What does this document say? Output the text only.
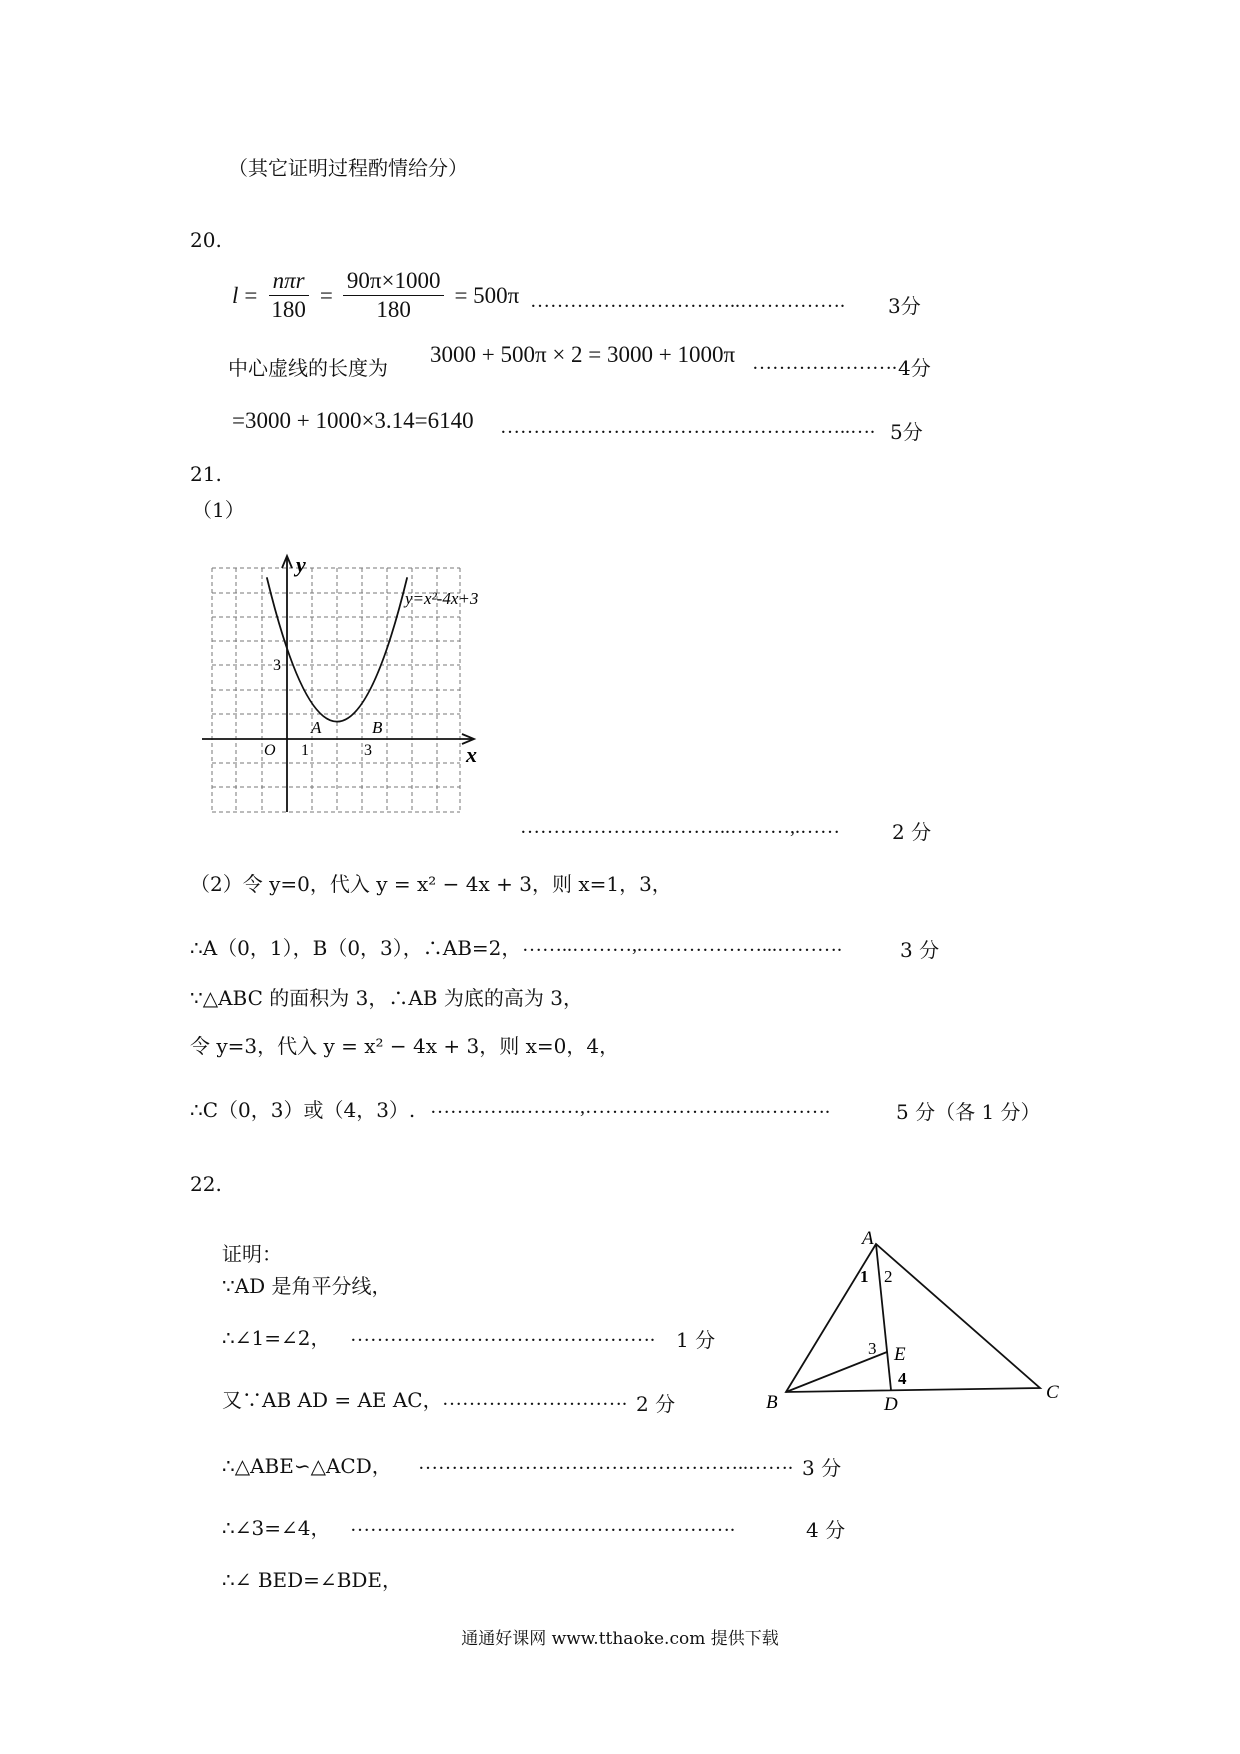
（其它证明过程酌情给分）
20.
$l = \frac{\text{nπr}}{180} = \frac{90\pi\times 1000}{180} = 500\pi$ …………………………..……………. 3分
中心虚线的长度为
3000 + 500π × 2 = 3000 + 1000π …………………. 4分
=3000 + 1000×3.14=6140 ……………………………………………..…. 5分
21.
（1）
y
x
y=x²-4x+3
O 1	3
3
A	B
…………………………..………,.……	2 分
（2）令 y=0，代入 y = x² − 4x + 3，则 x=1，3，
∴A（0，1），B（0，3），∴AB=2， ……..………,.………………...……….	3 分
∵△ABC 的面积为 3，∴AB 为底的高为 3，
令 y=3，代入 y = x² − 4x + 3，则 x=0，4，
∴C（0，3）或（4，3）. …………..………,…………………..…..……….	5 分（各 1 分）
22.
证明：
∵AD 是角平分线，
∴∠1=∠2， ………………………………………. 1 分
又∵AB AD = AE AC， ………………………. 2 分
∴△ABE∽△ACD， …………………………………………..……. 3 分
∴∠3=∠4， ………………………………………………….	4 分
∴∠ BED=∠BDE，
A
B	C
D
E
1 2
3
4
通通好课网 www.tthaoke.com 提供下载
